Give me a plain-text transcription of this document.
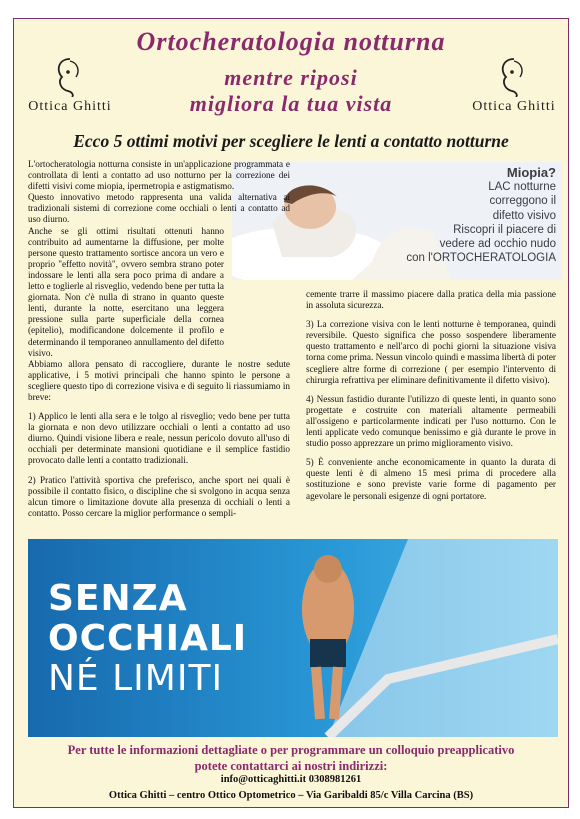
Ortocheratologia notturna
mentre riposi
migliora la tua vista
Ottica Ghitti	Ottica Ghitti
Ecco 5 ottimi motivi per scegliere le lenti a contatto notturne
Miopia?
LAC notturne
correggono il
difetto visivo
Riscopri il piacere di
vedere ad occhio nudo
con l'ORTOCHERATOLOGIA

L'ortocheratologia notturna consiste in un'applicazione programmata e controllata di lenti a contatto ad uso notturno per la correzione dei difetti visivi come miopia, ipermetropia e astigmatismo.

Questo innovativo metodo rappresenta una valida alternativa ai tradizionali sistemi di correzione come occhiali o lenti a contatto ad uso diurno.

Anche se gli ottimi risultati ottenuti hanno contribuito ad aumentarne la diffusione, per molte persone questo trattamento sortisce ancora un vero e proprio "effetto novità", ovvero sembra strano poter indossare le lenti alla sera poco prima di andare a letto e toglierle al risveglio, vedendo bene per tutta la giornata. Non c'è nulla di strano in quanto queste lenti, durante la notte, esercitano una leggera pressione sulla parte superficiale della cornea (epitelio), modificandone dolcemente il profilo e determinando il temporaneo annullamento del difetto visivo.

Abbiamo allora pensato di raccogliere, durante le nostre sedute applicative, i 5 motivi principali che hanno spinto le persone a scegliere questo tipo di correzione visiva e di seguito li riassumiamo in breve:

1) Applico le lenti alla sera e le tolgo al risveglio; vedo bene per tutta la giornata e non devo utilizzare occhiali o lenti a contatto ad uso diurno. Quindi visione libera e reale, nessun pericolo dovuto all'uso di occhiali per determinate mansioni quotidiane e il semplice fastidio provocato dalle lenti a contatto tradizionali.

2) Pratico l'attività sportiva che preferisco, anche sport nei quali è possibile il contatto fisico, o discipline che si svolgono in acqua senza alcun timore o limitazione dovute alla presenza di occhiali o lenti a contatto. Posso cercare la miglior performance o sempli-

cemente trarre il massimo piacere dalla pratica della mia passione in assoluta sicurezza.

3) La correzione visiva con le lenti notturne è temporanea, quindi reversibile. Questo significa che posso sospendere liberamente questo trattamento e nell'arco di pochi giorni la situazione visiva torna come prima. Nessun vincolo quindi e massima libertà di poter scegliere altre forme di correzione ( per esempio l'intervento di chirurgia refrattiva per eliminare definitivamente il difetto visivo).

4) Nessun fastidio durante l'utilizzo di queste lenti, in quanto sono progettate e costruite con materiali altamente permeabili all'ossigeno e particolarmente indicati per l'uso notturno. Con le lenti applicate vedo comunque benissimo e già durante le prove in studio posso apprezzare un primo miglioramento visivo.

5) È conveniente anche economicamente in quanto la durata di queste lenti è di almeno 15 mesi prima di procedere alla sostituzione e sono previste varie forme di pagamento per agevolare le personali esigenze di ogni portatore.

SENZA
OCCHIALI
NÉ LIMITI
Per tutte le informazioni dettagliate o per programmare un colloquio preapplicativo
potete contattarci ai nostri indirizzi:
info@otticaghitti.it 0308981261
Ottica Ghitti – centro Ottico Optometrico – Via Garibaldi 85/c Villa Carcina (BS)
